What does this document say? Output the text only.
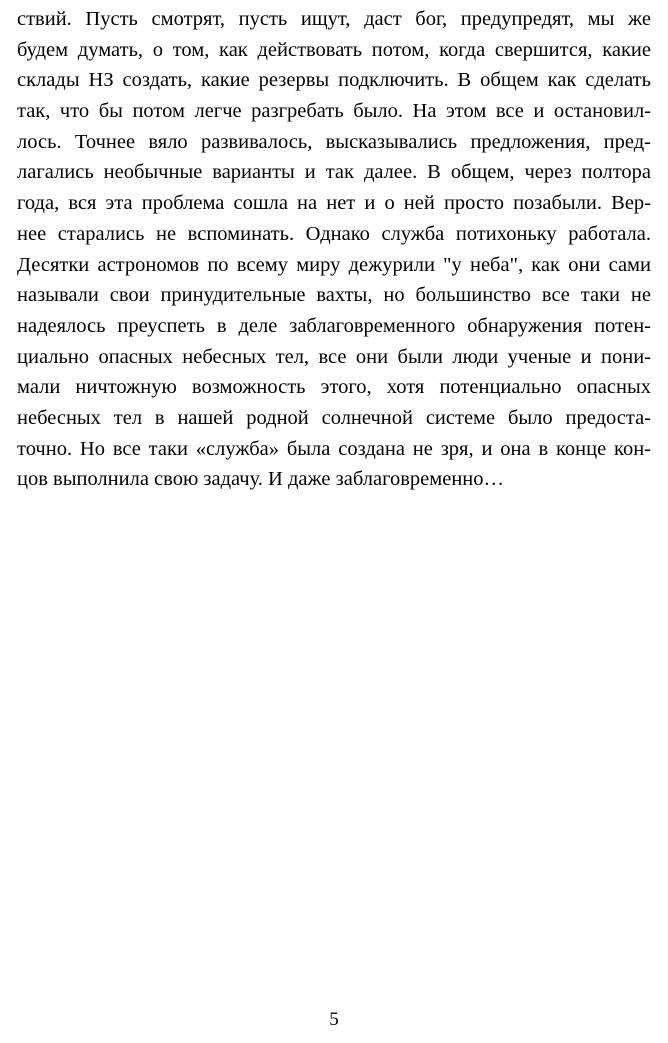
ствий. Пусть смотрят, пусть ищут, даст бог, предупредят, мы же
будем думать, о том, как действовать потом, когда свершится, какие
склады НЗ создать, какие резервы подключить. В общем как сделать
так, что бы потом легче разгребать было. На этом все и остановил-
лось. Точнее вяло развивалось, высказывались предложения, пред-
лагались необычные варианты и так далее. В общем, через полтора
года, вся эта проблема сошла на нет и о ней просто позабыли. Вер-
нее старались не вспоминать. Однако служба потихоньку работала.
Десятки астрономов по всему миру дежурили "у неба", как они сами
называли свои принудительные вахты, но большинство все таки не
надеялось преуспеть в деле заблаговременного обнаружения потен-
циально опасных небесных тел, все они были люди ученые и пони-
мали ничтожную возможность этого, хотя потенциально опасных
небесных тел в нашей родной солнечной системе было предоста-
точно. Но все таки «служба» была создана не зря, и она в конце кон-
цов выполнила свою задачу. И даже заблаговременно…
5
